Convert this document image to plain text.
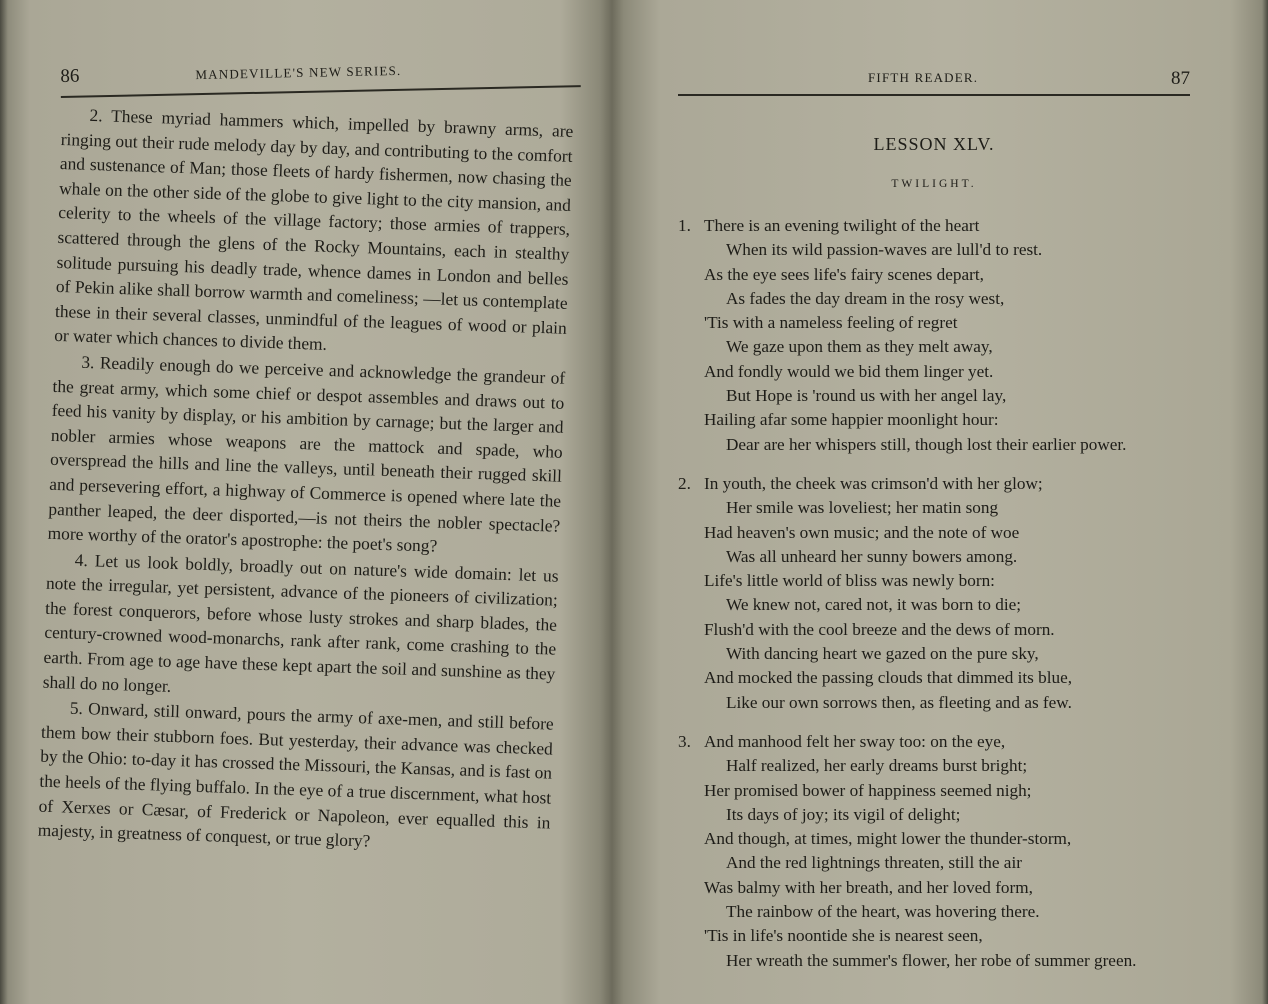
86	MANDEVILLE'S NEW SERIES.

2. These myriad hammers which, impelled by brawny arms, are ringing out their rude melody day by day, and contributing to the comfort and sustenance of Man; those fleets of hardy fishermen, now chasing the whale on the other side of the globe to give light to the city mansion, and celerity to the wheels of the village factory; those armies of trappers, scattered through the glens of the Rocky Mountains, each in stealthy solitude pursuing his deadly trade, whence dames in London and belles of Pekin alike shall borrow warmth and comeliness; —let us contemplate these in their several classes, unmindful of the leagues of wood or plain or water which chances to divide them.

3. Readily enough do we perceive and acknowledge the grandeur of the great army, which some chief or despot assembles and draws out to feed his vanity by display, or his ambition by carnage; but the larger and nobler armies whose weapons are the mattock and spade, who overspread the hills and line the valleys, until beneath their rugged skill and persevering effort, a highway of Commerce is opened where late the panther leaped, the deer disported,—is not theirs the nobler spectacle? more worthy of the orator's apostrophe: the poet's song?

4. Let us look boldly, broadly out on nature's wide domain: let us note the irregular, yet persistent, advance of the pioneers of civilization; the forest conquerors, before whose lusty strokes and sharp blades, the century-crowned wood-monarchs, rank after rank, come crashing to the earth. From age to age have these kept apart the soil and sunshine as they shall do no longer.

5. Onward, still onward, pours the army of axe-men, and still before them bow their stubborn foes. But yesterday, their advance was checked by the Ohio: to-day it has crossed the Missouri, the Kansas, and is fast on the heels of the flying buffalo. In the eye of a true discernment, what host of Xerxes or Cæsar, of Frederick or Napoleon, ever equalled this in majesty, in greatness of conquest, or true glory?

FIFTH READER.	87
LESSON XLV.
TWILIGHT.
1. There is an evening twilight of the heart
When its wild passion-waves are lull'd to rest.
As the eye sees life's fairy scenes depart,
As fades the day dream in the rosy west,
'Tis with a nameless feeling of regret
We gaze upon them as they melt away,
And fondly would we bid them linger yet.
But Hope is 'round us with her angel lay,
Hailing afar some happier moonlight hour:
Dear are her whispers still, though lost their earlier power.
2. In youth, the cheek was crimson'd with her glow;
Her smile was loveliest; her matin song
Had heaven's own music; and the note of woe
Was all unheard her sunny bowers among.
Life's little world of bliss was newly born:
We knew not, cared not, it was born to die;
Flush'd with the cool breeze and the dews of morn.
With dancing heart we gazed on the pure sky,
And mocked the passing clouds that dimmed its blue,
Like our own sorrows then, as fleeting and as few.
3. And manhood felt her sway too: on the eye,
Half realized, her early dreams burst bright;
Her promised bower of happiness seemed nigh;
Its days of joy; its vigil of delight;
And though, at times, might lower the thunder-storm,
And the red lightnings threaten, still the air
Was balmy with her breath, and her loved form,
The rainbow of the heart, was hovering there.
'Tis in life's noontide she is nearest seen,
Her wreath the summer's flower, her robe of summer green.
